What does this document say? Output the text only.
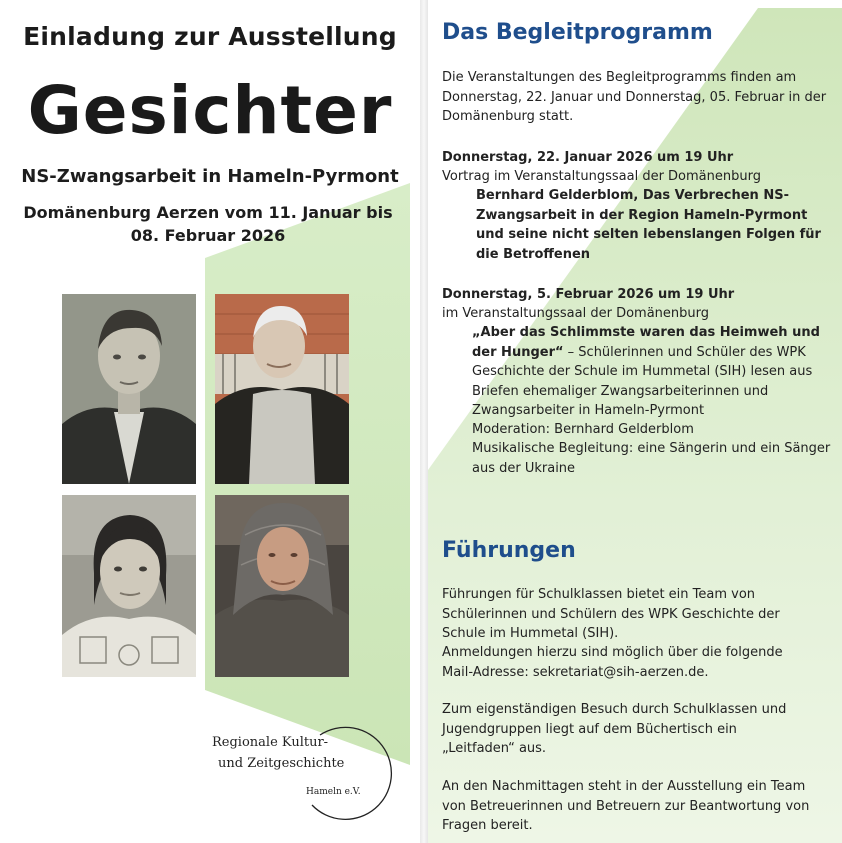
Einladung zur Ausstellung
Gesichter
NS-Zwangsarbeit in Hameln-Pyrmont
Domänenburg Aerzen vom 11. Januar bis 08. Februar 2026
Regionale Kultur-
und Zeitgeschichte
Hameln e.V.
Das Begleitprogramm
Die Veranstaltungen des Begleitprogramms finden am Donnerstag, 22. Januar und Donnerstag, 05. Februar in der Domänenburg statt.
Donnerstag, 22. Januar 2026 um 19 Uhr
Vortrag im Veranstaltungssaal der Domänenburg
Bernhard Gelderblom, Das Verbrechen NS-Zwangsarbeit in der Region Hameln-Pyrmont und seine nicht selten lebenslangen Folgen für die Betroffenen
Donnerstag, 5. Februar 2026 um 19 Uhr
im Veranstaltungssaal der Domänenburg
„Aber das Schlimmste waren das Heimweh und der Hunger“ – Schülerinnen und Schüler des WPK Geschichte der Schule im Hummetal (SIH) lesen aus Briefen ehemaliger Zwangsarbeiterinnen und Zwangsarbeiter in Hameln-Pyrmont
Moderation: Bernhard Gelderblom
Musikalische Begleitung: eine Sängerin und ein Sänger aus der Ukraine
Führungen
Führungen für Schulklassen bietet ein Team von Schülerinnen und Schülern des WPK Geschichte der Schule im Hummetal (SIH).
Anmeldungen hierzu sind möglich über die folgende Mail-Adresse: sekretariat@sih-aerzen.de.
Zum eigenständigen Besuch durch Schulklassen und Jugendgruppen liegt auf dem Büchertisch ein „Leitfaden“ aus.
An den Nachmittagen steht in der Ausstellung ein Team von Betreuerinnen und Betreuern zur Beantwortung von Fragen bereit.
